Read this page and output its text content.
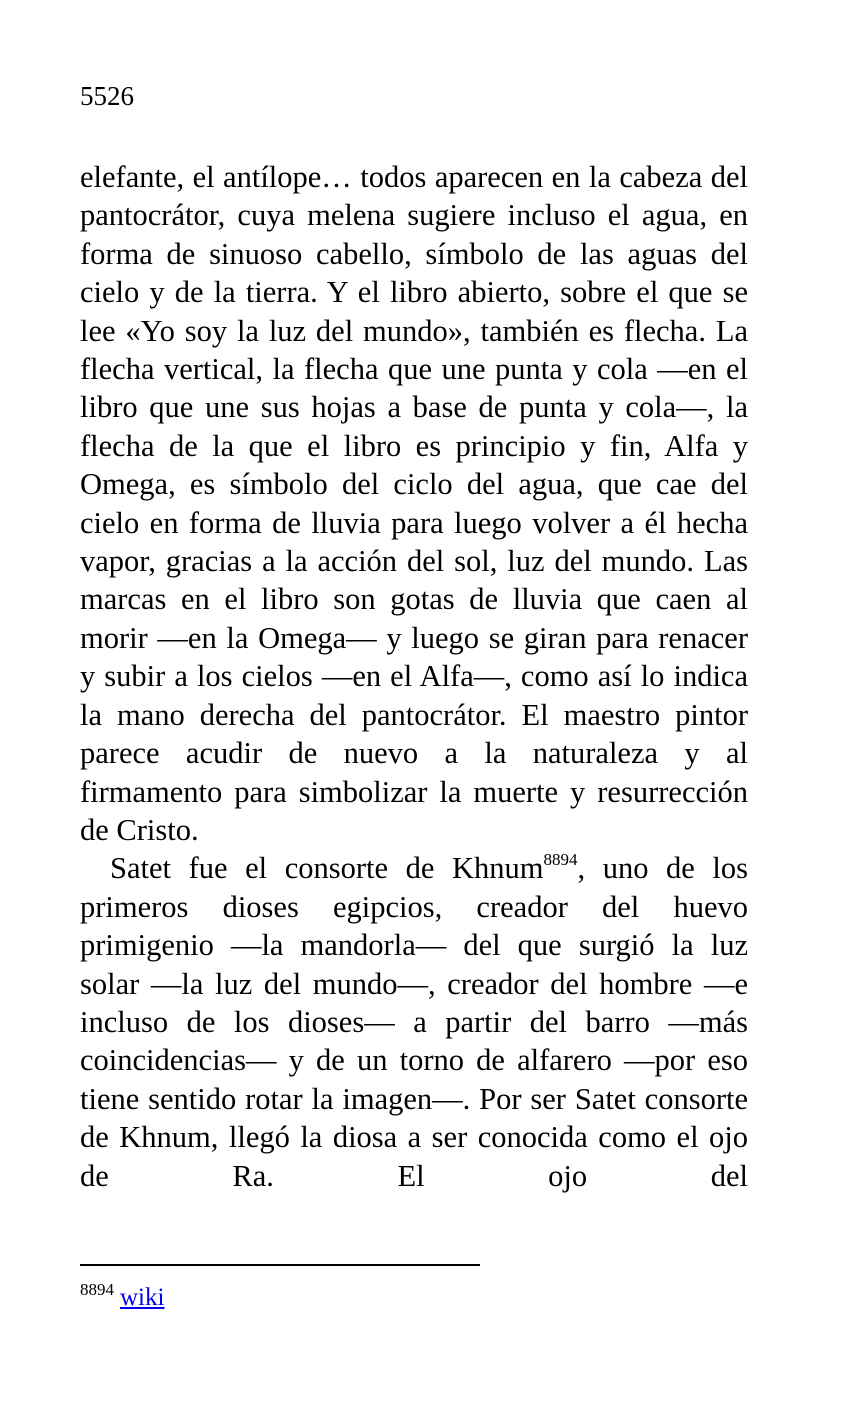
5526

elefante, el antílope… todos aparecen en la cabeza del pantocrátor, cuya melena sugiere incluso el agua, en forma de sinuoso cabello, símbolo de las aguas del cielo y de la tierra. Y el libro abierto, sobre el que se lee «Yo soy la luz del mundo», también es flecha. La flecha vertical, la flecha que une punta y cola —en el libro que une sus hojas a base de punta y cola—, la flecha de la que el libro es principio y fin, Alfa y Omega, es símbolo del ciclo del agua, que cae del cielo en forma de lluvia para luego volver a él hecha vapor, gracias a la acción del sol, luz del mundo. Las marcas en el libro son gotas de lluvia que caen al morir —en la Omega— y luego se giran para renacer y subir a los cielos —en el Alfa—, como así lo indica la mano derecha del pantocrátor. El maestro pintor parece acudir de nuevo a la naturaleza y al firmamento para simbolizar la muerte y resurrección de Cristo.

Satet fue el consorte de Khnum$^{8894}$, uno de los primeros dioses egipcios, creador del huevo primigenio —la mandorla— del que surgió la luz solar —la luz del mundo—, creador del hombre —e incluso de los dioses— a partir del barro —más coincidencias— y de un torno de alfarero —por eso tiene sentido rotar la imagen—. Por ser Satet consorte de Khnum, llegó la diosa a ser conocida como el ojo de Ra. El ojo del

$^{8894}$ wiki
